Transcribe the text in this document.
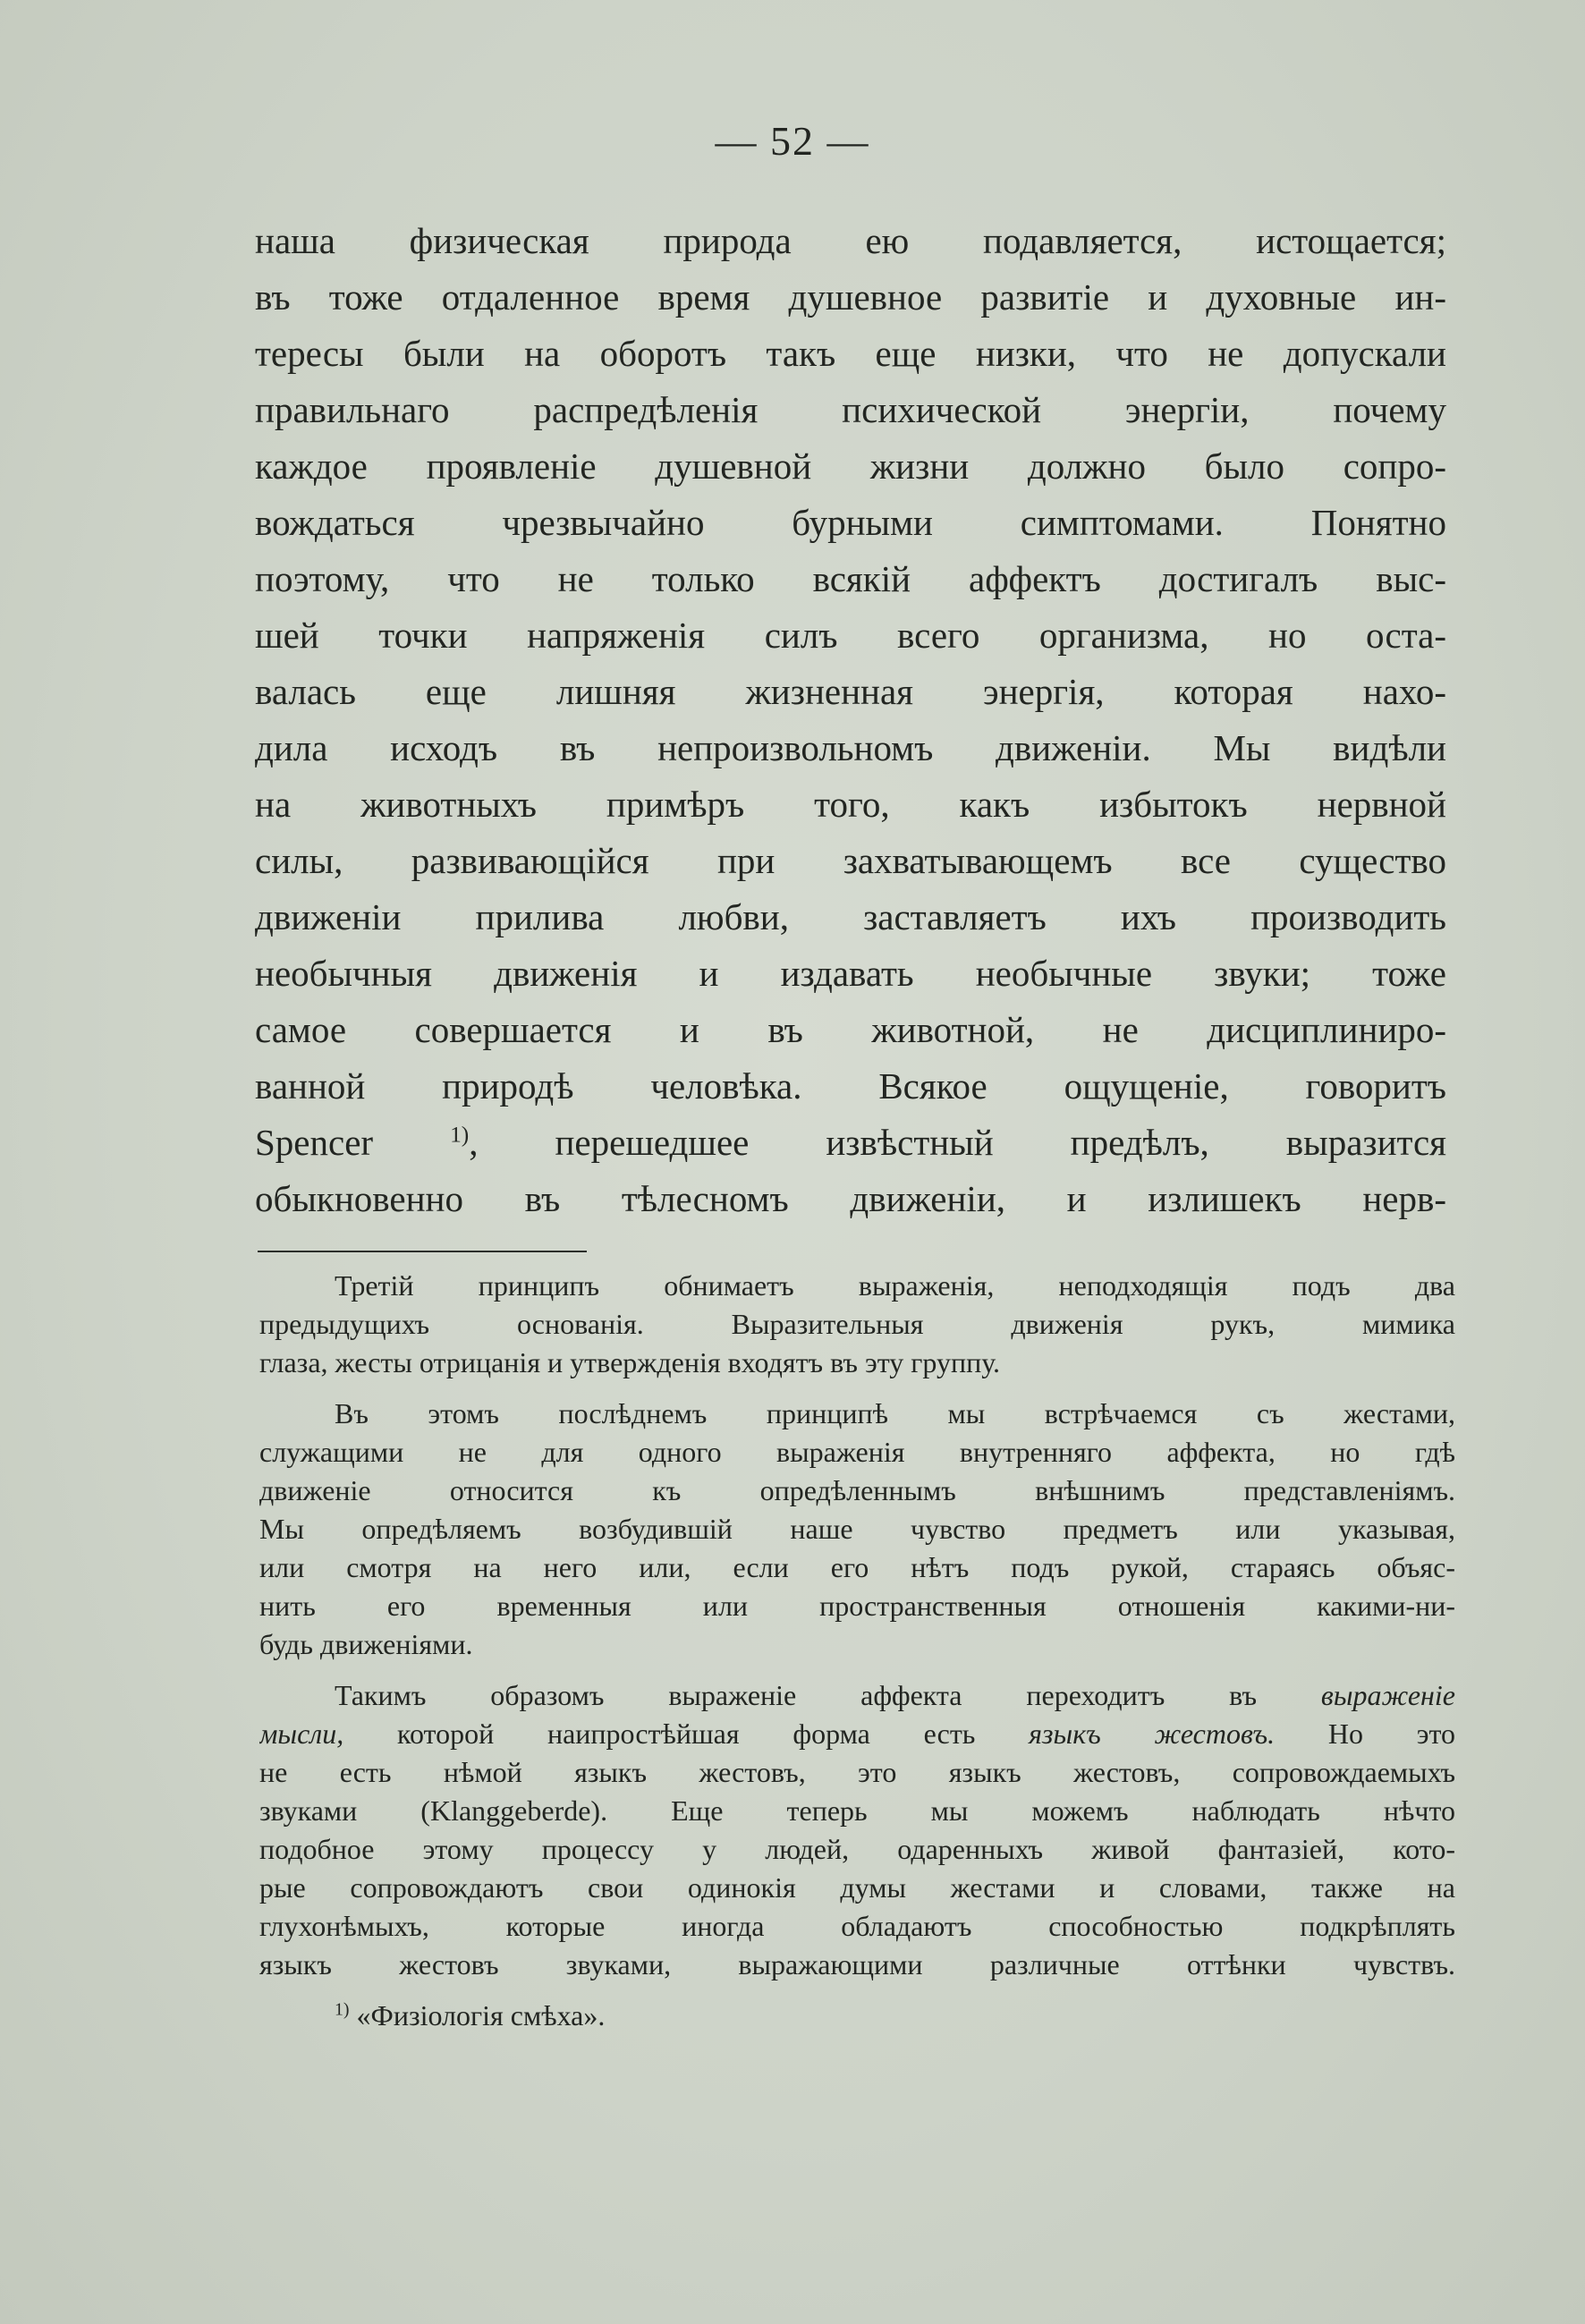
— 52 —
наша физическая природа ею подавляется, истощается;
въ тоже отдаленное время душевное развитіе и духовные ин-
тересы были на оборотъ такъ еще низки, что не допускали
правильнаго распредѣленія психической энергіи, почему
каждое проявленіе душевной жизни должно было сопро-
вождаться чрезвычайно бурными симптомами. Понятно
поэтому, что не только всякій аффектъ достигалъ выс-
шей точки напряженія силъ всего организма, но оста-
валась еще лишняя жизненная энергія, которая нахо-
дила исходъ въ непроизвольномъ движеніи. Мы видѣли
на животныхъ примѣръ того, какъ избытокъ нервной
силы, развивающійся при захватывающемъ все существо
движеніи прилива любви, заставляетъ ихъ производить
необычныя движенія и издавать необычные звуки; тоже
самое совершается и въ животной, не дисциплиниро-
ванной природѣ человѣка. Всякое ощущеніе, говоритъ
Spencer	$^{1)}$, перешедшее извѣстный предѣлъ, выразится
обыкновенно въ тѣлесномъ движеніи, и излишекъ нерв-
Третій принципъ обнимаетъ выраженія, неподходящія подъ два
предыдущихъ основанія. Выразительныя движенія рукъ, мимика
глаза, жесты отрицанія и утвержденія входятъ въ эту группу.
Въ этомъ послѣднемъ принципѣ мы встрѣчаемся съ жестами,
служащими не для одного выраженія внутренняго аффекта, но гдѣ
движеніе относится къ опредѣленнымъ внѣшнимъ представленіямъ.
Мы опредѣляемъ возбудившій наше чувство предметъ или указывая,
или смотря на него или, если его нѣтъ подъ рукой, стараясь объяс-
нить его временныя или пространственныя отношенія какими-ни-
будь движеніями.
Такимъ образомъ выраженіе аффекта переходитъ въ выраженіе
мысли, которой наипростѣйшая форма есть языкъ жестовъ. Но это
не есть нѣмой языкъ жестовъ, это языкъ жестовъ, сопровождаемыхъ
звуками (Klanggeberde). Еще теперь мы можемъ наблюдать нѣчто
подобное этому процессу у людей, одаренныхъ живой фантазіей, кото-
рые сопровождаютъ свои одинокія думы жестами и словами, также на
глухонѣмыхъ, которые иногда обладаютъ способностью подкрѣплять
языкъ жестовъ звуками, выражающими различные оттѣнки чувствъ.
$^{1)}$ «Физіологія смѣха».
